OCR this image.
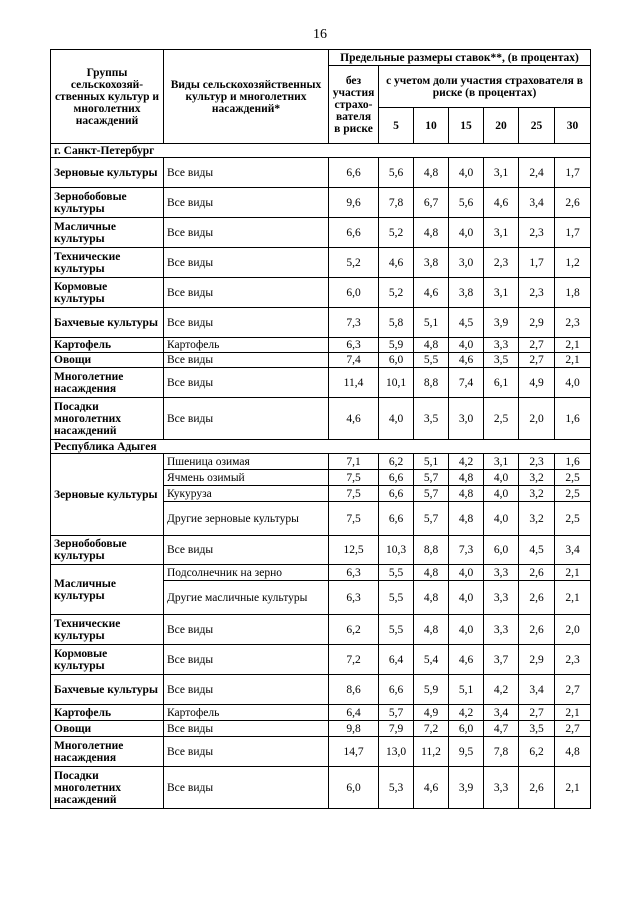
16
Группы сельскохозяй-ственных культур и многолетних насаждений	Виды сельскохозяйственных культур и многолетних насаждений*	Предельные размеры ставок**, (в процентах)						
		без участия страхо-вателя в риске	с учетом доли участия страхователя в риске (в процентах)					
			5	10	15	20	25	30
г. Санкт-Петербург								
Зерновые культуры	Все виды	6,6	5,6	4,8	4,0	3,1	2,4	1,7
Зернобобовые культуры	Все виды	9,6	7,8	6,7	5,6	4,6	3,4	2,6
Масличные культуры	Все виды	6,6	5,2	4,8	4,0	3,1	2,3	1,7
Технические культуры	Все виды	5,2	4,6	3,8	3,0	2,3	1,7	1,2
Кормовые культуры	Все виды	6,0	5,2	4,6	3,8	3,1	2,3	1,8
Бахчевые культуры	Все виды	7,3	5,8	5,1	4,5	3,9	2,9	2,3
Картофель	Картофель	6,3	5,9	4,8	4,0	3,3	2,7	2,1
Овощи	Все виды	7,4	6,0	5,5	4,6	3,5	2,7	2,1
Многолетние насаждения	Все виды	11,4	10,1	8,8	7,4	6,1	4,9	4,0
Посадки многолетних насаждений	Все виды	4,6	4,0	3,5	3,0	2,5	2,0	1,6
Республика Адыгея								
Зерновые культуры	Пшеница озимая	7,1	6,2	5,1	4,2	3,1	2,3	1,6
	Ячмень озимый	7,5	6,6	5,7	4,8	4,0	3,2	2,5
	Кукуруза	7,5	6,6	5,7	4,8	4,0	3,2	2,5
	Другие зерновые культуры	7,5	6,6	5,7	4,8	4,0	3,2	2,5
Зернобобовые культуры	Все виды	12,5	10,3	8,8	7,3	6,0	4,5	3,4
Масличные культуры	Подсолнечник на зерно	6,3	5,5	4,8	4,0	3,3	2,6	2,1
	Другие масличные культуры	6,3	5,5	4,8	4,0	3,3	2,6	2,1
Технические культуры	Все виды	6,2	5,5	4,8	4,0	3,3	2,6	2,0
Кормовые культуры	Все виды	7,2	6,4	5,4	4,6	3,7	2,9	2,3
Бахчевые культуры	Все виды	8,6	6,6	5,9	5,1	4,2	3,4	2,7
Картофель	Картофель	6,4	5,7	4,9	4,2	3,4	2,7	2,1
Овощи	Все виды	9,8	7,9	7,2	6,0	4,7	3,5	2,7
Многолетние насаждения	Все виды	14,7	13,0	11,2	9,5	7,8	6,2	4,8
Посадки многолетних насаждений	Все виды	6,0	5,3	4,6	3,9	3,3	2,6	2,1
